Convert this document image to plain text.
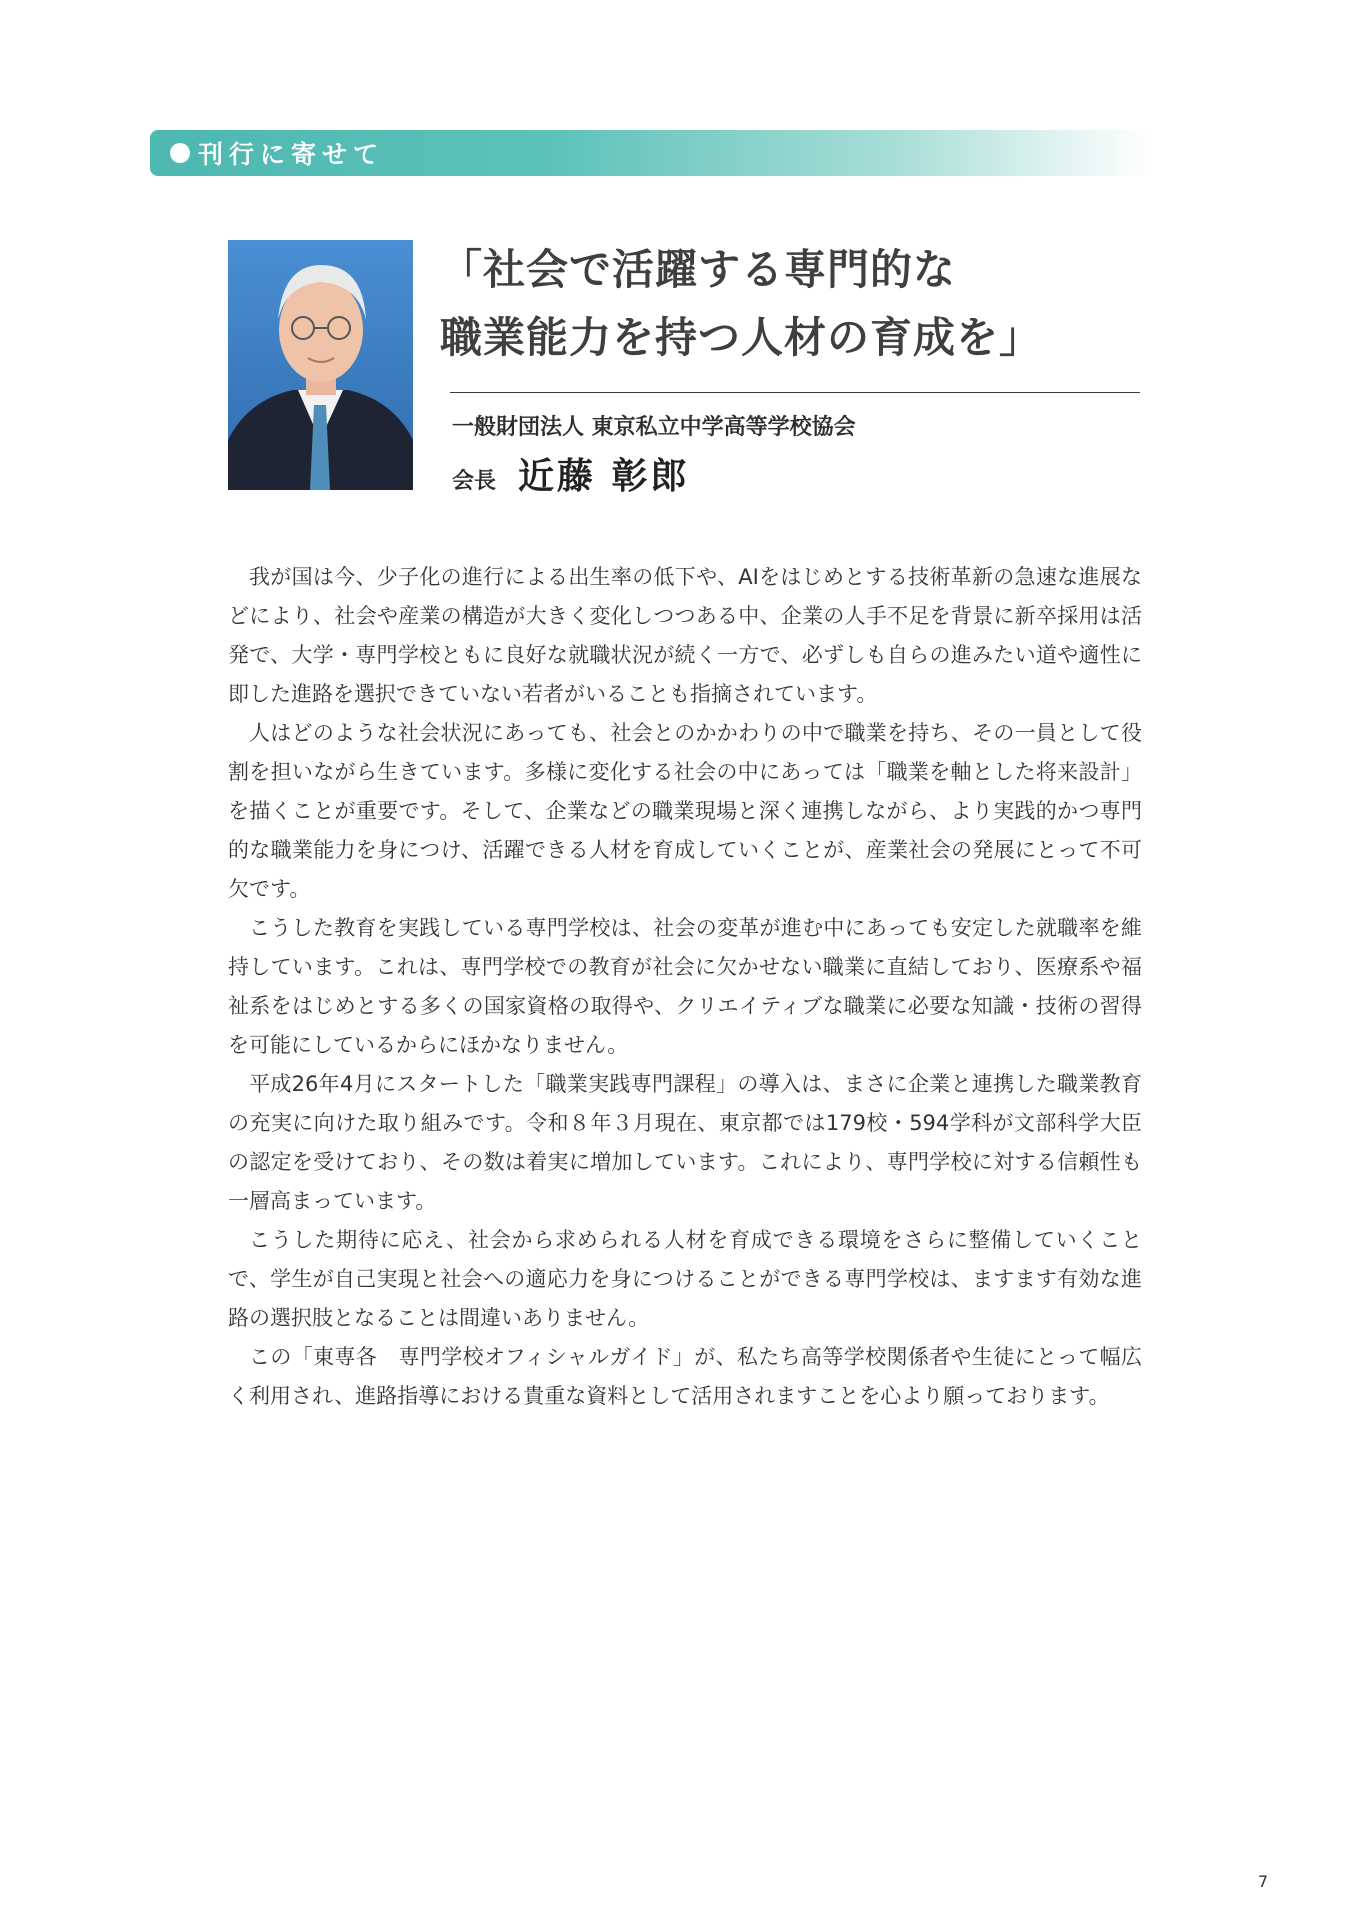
刊行に寄せて

「社会で活躍する専門的な

職業能力を持つ人材の育成を」

一般財団法人 東京私立中学高等学校協会
会長 近藤 彰郎

我が国は今、少子化の進行による出生率の低下や、AIをはじめとする技術革新の急速な進展などにより、社会や産業の構造が大きく変化しつつある中、企業の人手不足を背景に新卒採用は活発で、大学・専門学校ともに良好な就職状況が続く一方で、必ずしも自らの進みたい道や適性に即した進路を選択できていない若者がいることも指摘されています。

人はどのような社会状況にあっても、社会とのかかわりの中で職業を持ち、その一員として役割を担いながら生きています。多様に変化する社会の中にあっては「職業を軸とした将来設計」を描くことが重要です。そして、企業などの職業現場と深く連携しながら、より実践的かつ専門的な職業能力を身につけ、活躍できる人材を育成していくことが、産業社会の発展にとって不可欠です。

こうした教育を実践している専門学校は、社会の変革が進む中にあっても安定した就職率を維持しています。これは、専門学校での教育が社会に欠かせない職業に直結しており、医療系や福祉系をはじめとする多くの国家資格の取得や、クリエイティブな職業に必要な知識・技術の習得を可能にしているからにほかなりません。

平成26年4月にスタートした「職業実践専門課程」の導入は、まさに企業と連携した職業教育の充実に向けた取り組みです。令和８年３月現在、東京都では179校・594学科が文部科学大臣の認定を受けており、その数は着実に増加しています。これにより、専門学校に対する信頼性も一層高まっています。

こうした期待に応え、社会から求められる人材を育成できる環境をさらに整備していくことで、学生が自己実現と社会への適応力を身につけることができる専門学校は、ますます有効な進路の選択肢となることは間違いありません。

この「東専各　専門学校オフィシャルガイド」が、私たち高等学校関係者や生徒にとって幅広く利用され、進路指導における貴重な資料として活用されますことを心より願っております。

7
